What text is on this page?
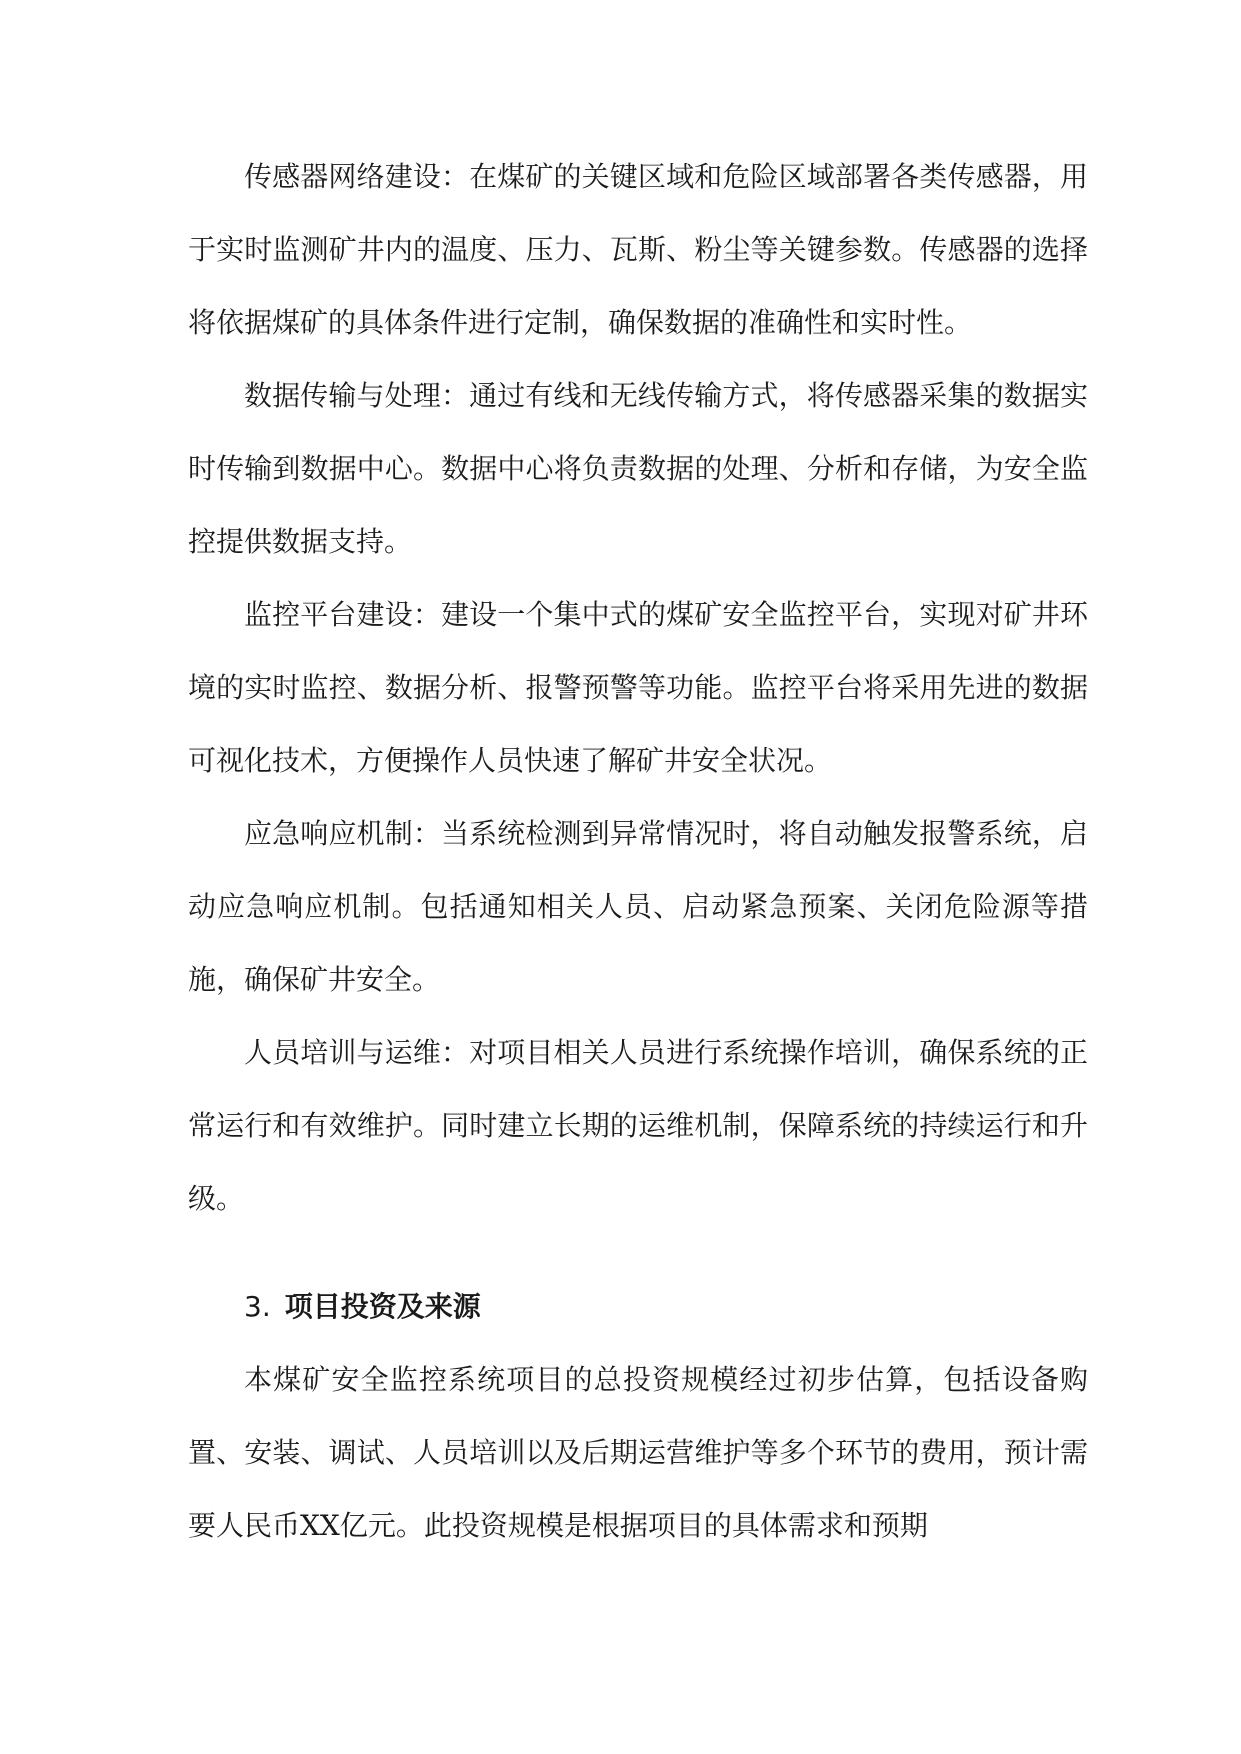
传感器网络建设：在煤矿的关键区域和危险区域部署各类传感器，用于实时监测矿井内的温度、压力、瓦斯、粉尘等关键参数。传感器的选择将依据煤矿的具体条件进行定制，确保数据的准确性和实时性。

数据传输与处理：通过有线和无线传输方式，将传感器采集的数据实时传输到数据中心。数据中心将负责数据的处理、分析和存储，为安全监控提供数据支持。

监控平台建设：建设一个集中式的煤矿安全监控平台，实现对矿井环境的实时监控、数据分析、报警预警等功能。监控平台将采用先进的数据可视化技术，方便操作人员快速了解矿井安全状况。

应急响应机制：当系统检测到异常情况时，将自动触发报警系统，启动应急响应机制。包括通知相关人员、启动紧急预案、关闭危险源等措施，确保矿井安全。

人员培训与运维：对项目相关人员进行系统操作培训，确保系统的正常运行和有效维护。同时建立长期的运维机制，保障系统的持续运行和升级。

3. 项目投资及来源

本煤矿安全监控系统项目的总投资规模经过初步估算，包括设备购置、安装、调试、人员培训以及后期运营维护等多个环节的费用，预计需要人民币XX亿元。此投资规模是根据项目的具体需求和预期
